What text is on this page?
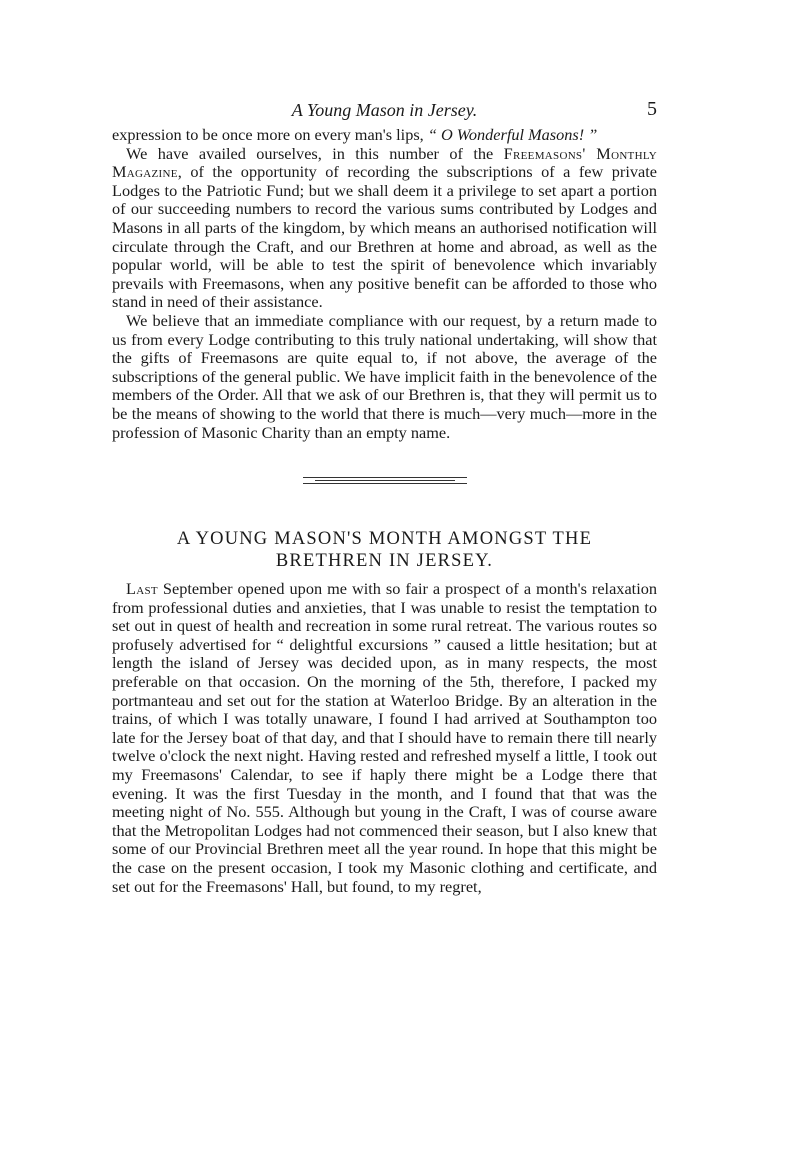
A Young Mason in Jersey.	5

expression to be once more on every man's lips, “ O Wonderful Masons! ”

We have availed ourselves, in this number of the Freemasons' Monthly Magazine, of the opportunity of recording the subscriptions of a few private Lodges to the Patriotic Fund; but we shall deem it a privilege to set apart a portion of our succeeding numbers to record the various sums contributed by Lodges and Masons in all parts of the kingdom, by which means an authorised notification will circulate through the Craft, and our Brethren at home and abroad, as well as the popular world, will be able to test the spirit of benevolence which invariably prevails with Freemasons, when any positive benefit can be afforded to those who stand in need of their assistance.

We believe that an immediate compliance with our request, by a return made to us from every Lodge contributing to this truly national undertaking, will show that the gifts of Freemasons are quite equal to, if not above, the average of the subscriptions of the general public. We have implicit faith in the benevolence of the members of the Order. All that we ask of our Brethren is, that they will permit us to be the means of showing to the world that there is much—very much—more in the profession of Masonic Charity than an empty name.

A YOUNG MASON'S MONTH AMONGST THE
BRETHREN IN JERSEY.

Last September opened upon me with so fair a prospect of a month's relaxation from professional duties and anxieties, that I was unable to resist the temptation to set out in quest of health and recreation in some rural retreat. The various routes so profusely advertised for “ delightful excursions ” caused a little hesitation; but at length the island of Jersey was decided upon, as in many respects, the most preferable on that occasion. On the morning of the 5th, therefore, I packed my portmanteau and set out for the station at Waterloo Bridge. By an alteration in the trains, of which I was totally unaware, I found I had arrived at Southampton too late for the Jersey boat of that day, and that I should have to remain there till nearly twelve o'clock the next night. Having rested and refreshed myself a little, I took out my Freemasons' Calendar, to see if haply there might be a Lodge there that evening. It was the first Tuesday in the month, and I found that that was the meeting night of No. 555. Although but young in the Craft, I was of course aware that the Metropolitan Lodges had not commenced their season, but I also knew that some of our Provincial Brethren meet all the year round. In hope that this might be the case on the present occasion, I took my Masonic clothing and certificate, and set out for the Freemasons' Hall, but found, to my regret,
